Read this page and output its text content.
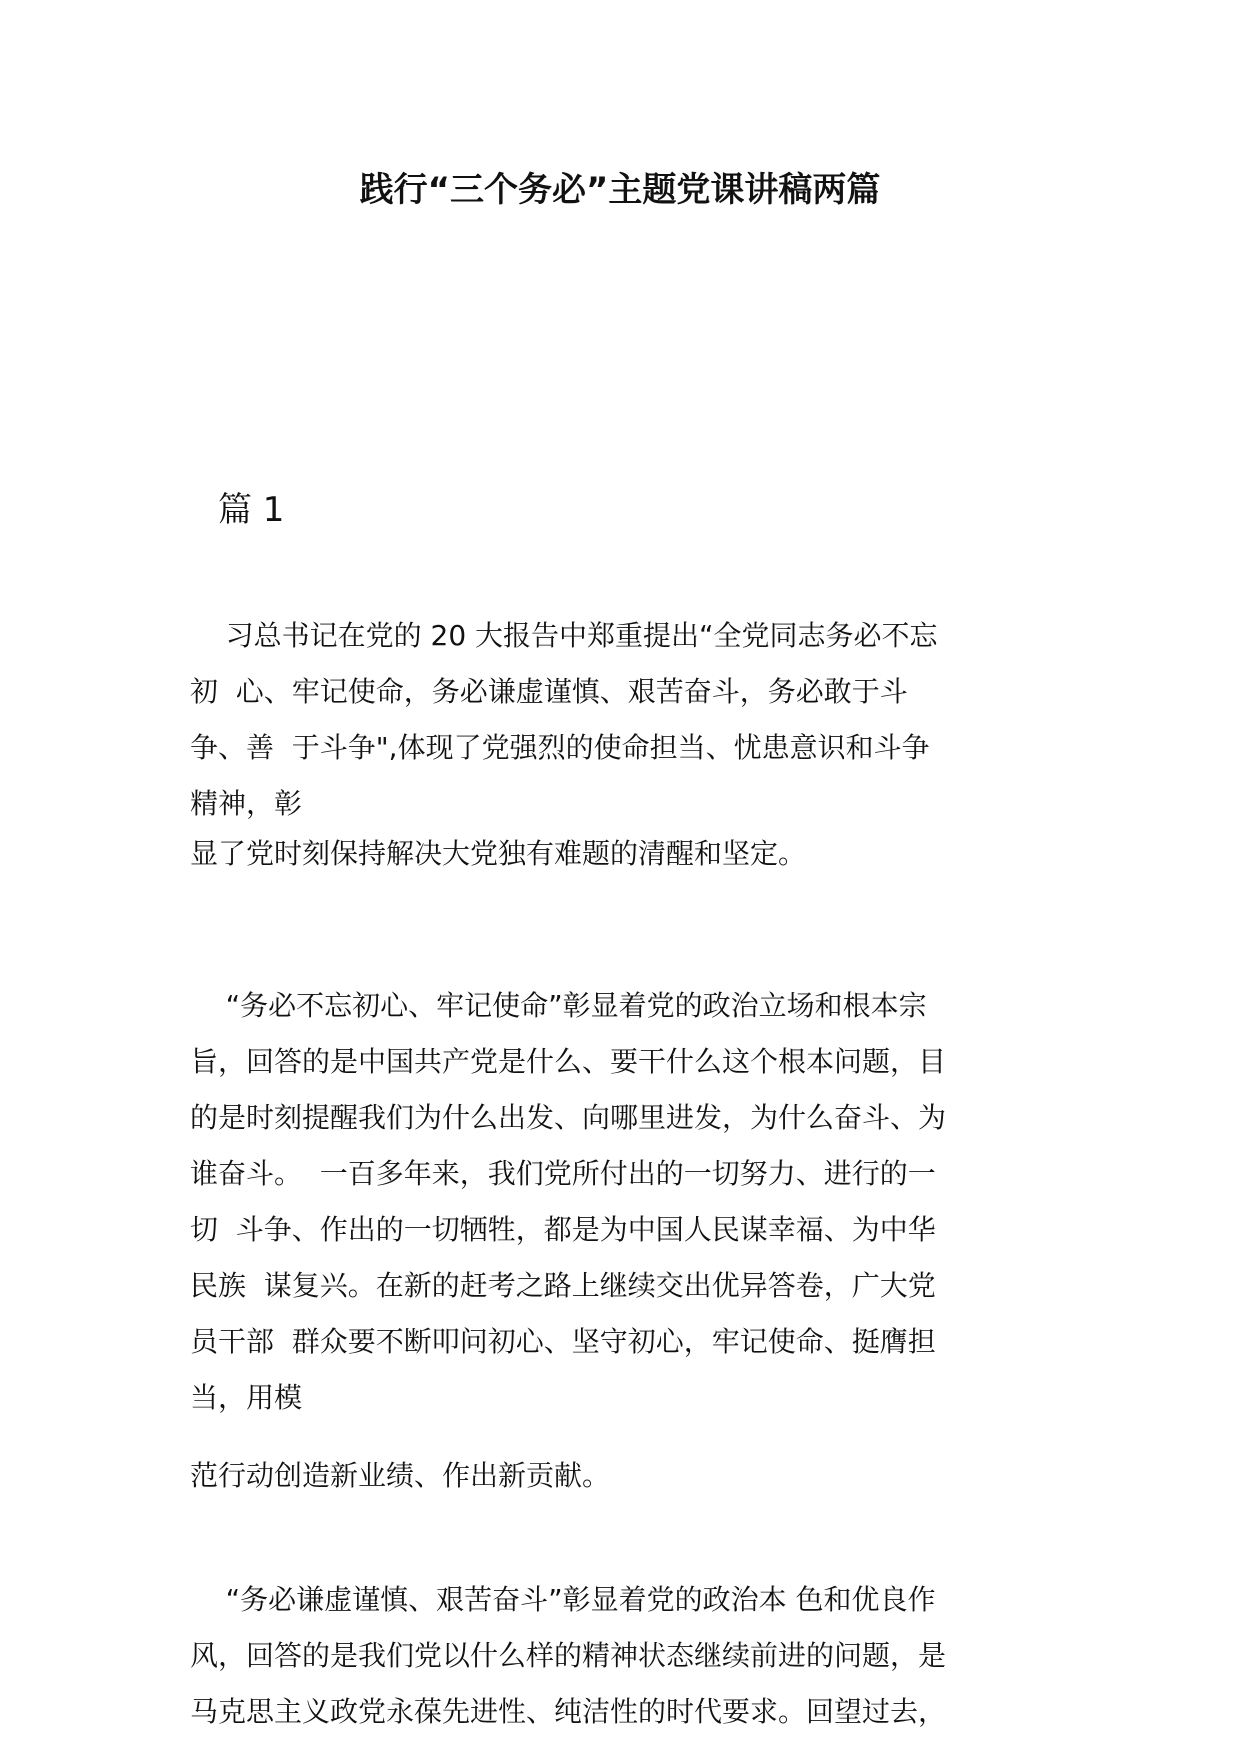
践行“三个务必”主题党课讲稿两篇
篇 1
习总书记在党的 20 大报告中郑重提出“全党同志务必不忘
初  心、牢记使命，务必谦虚谨慎、艰苦奋斗，务必敢于斗
争、善  于斗争",体现了党强烈的使命担当、忧患意识和斗争
精神，彰
显了党时刻保持解决大党独有难题的清醒和坚定。
“务必不忘初心、牢记使命”彰显着党的政治立场和根本宗
旨，回答的是中国共产党是什么、要干什么这个根本问题，目
的是时刻提醒我们为什么出发、向哪里进发，为什么奋斗、为
谁奋斗。  一百多年来，我们党所付出的一切努力、进行的一
切  斗争、作出的一切牺牲，都是为中国人民谋幸福、为中华
民族  谋复兴。在新的赶考之路上继续交出优异答卷，广大党
员干部  群众要不断叩问初心、坚守初心，牢记使命、挺膺担
当，用模
范行动创造新业绩、作出新贡献。
“务必谦虚谨慎、艰苦奋斗”彰显着党的政治本 色和优良作
风，回答的是我们党以什么样的精神状态继续前进的问题，是
马克思主义政党永葆先进性、纯洁性的时代要求。回望过去，
